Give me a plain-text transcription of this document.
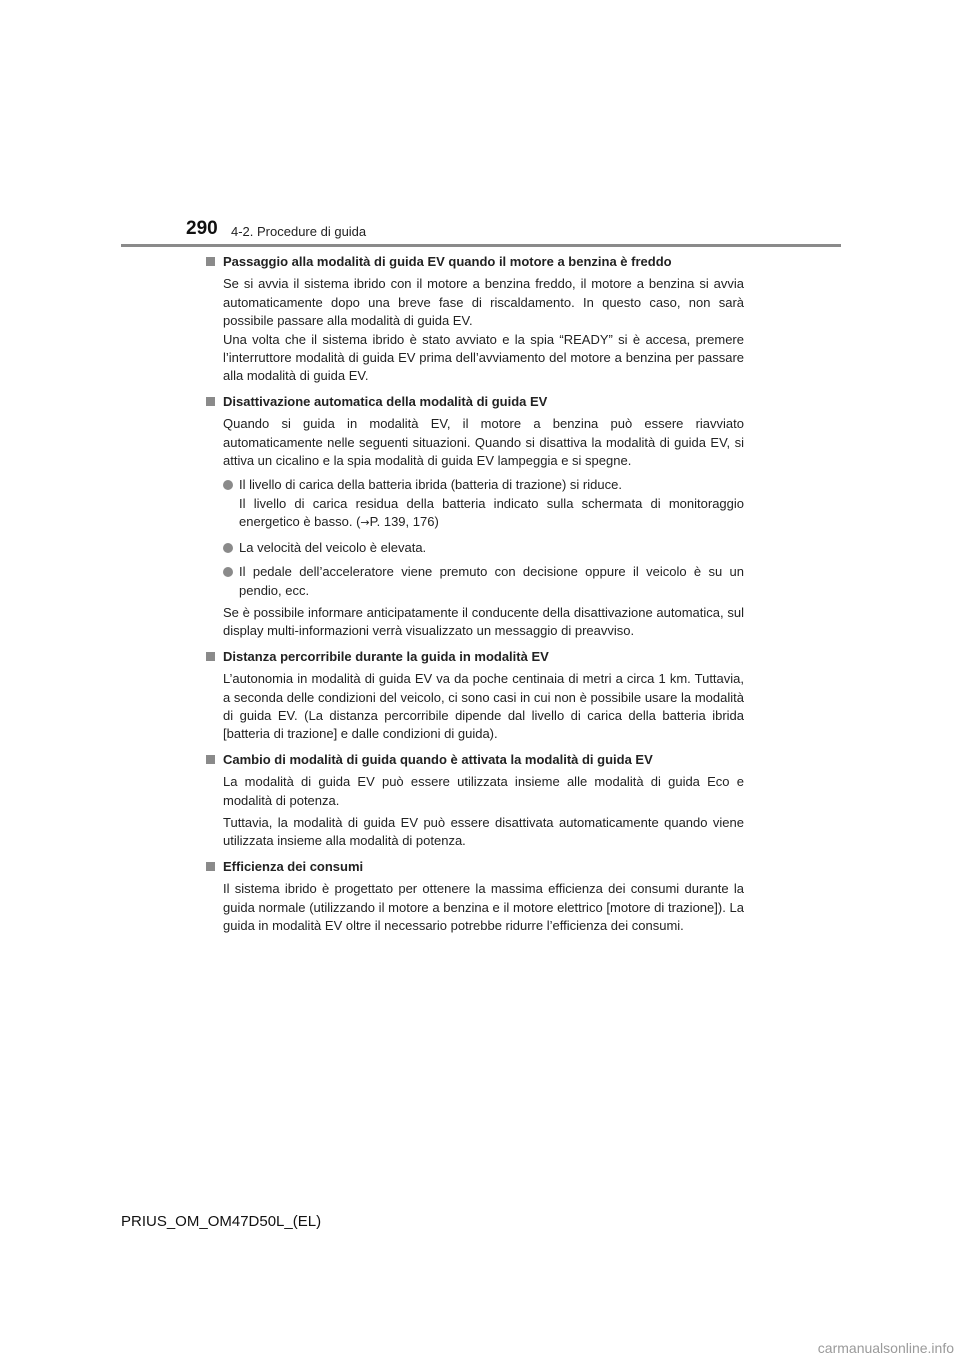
290 4-2. Procedure di guida
Passaggio alla modalità di guida EV quando il motore a benzina è freddo
Se si avvia il sistema ibrido con il motore a benzina freddo, il motore a benzina si avvia automaticamente dopo una breve fase di riscaldamento. In questo caso, non sarà possibile passare alla modalità di guida EV.
Una volta che il sistema ibrido è stato avviato e la spia “READY” si è accesa, premere l’interruttore modalità di guida EV prima dell’avviamento del motore a benzina per passare alla modalità di guida EV.
Disattivazione automatica della modalità di guida EV
Quando si guida in modalità EV, il motore a benzina può essere riavviato automaticamente nelle seguenti situazioni. Quando si disattiva la modalità di guida EV, si attiva un cicalino e la spia modalità di guida EV lampeggia e si spegne.
Il livello di carica della batteria ibrida (batteria di trazione) si riduce.
Il livello di carica residua della batteria indicato sulla schermata di monitoraggio energetico è basso. (→P. 139, 176)
La velocità del veicolo è elevata.
Il pedale dell’acceleratore viene premuto con decisione oppure il veicolo è su un pendio, ecc.
Se è possibile informare anticipatamente il conducente della disattivazione automatica, sul display multi-informazioni verrà visualizzato un messaggio di preavviso.
Distanza percorribile durante la guida in modalità EV
L’autonomia in modalità di guida EV va da poche centinaia di metri a circa 1 km. Tuttavia, a seconda delle condizioni del veicolo, ci sono casi in cui non è possibile usare la modalità di guida EV. (La distanza percorribile dipende dal livello di carica della batteria ibrida [batteria di trazione] e dalle condizioni di guida).
Cambio di modalità di guida quando è attivata la modalità di guida EV
La modalità di guida EV può essere utilizzata insieme alle modalità di guida Eco e modalità di potenza.
Tuttavia, la modalità di guida EV può essere disattivata automaticamente quando viene utilizzata insieme alla modalità di potenza.
Efficienza dei consumi
Il sistema ibrido è progettato per ottenere la massima efficienza dei consumi durante la guida normale (utilizzando il motore a benzina e il motore elettrico [motore di trazione]). La guida in modalità EV oltre il necessario potrebbe ridurre l’efficienza dei consumi.
PRIUS_OM_OM47D50L_(EL)
carmanualsonline.info
